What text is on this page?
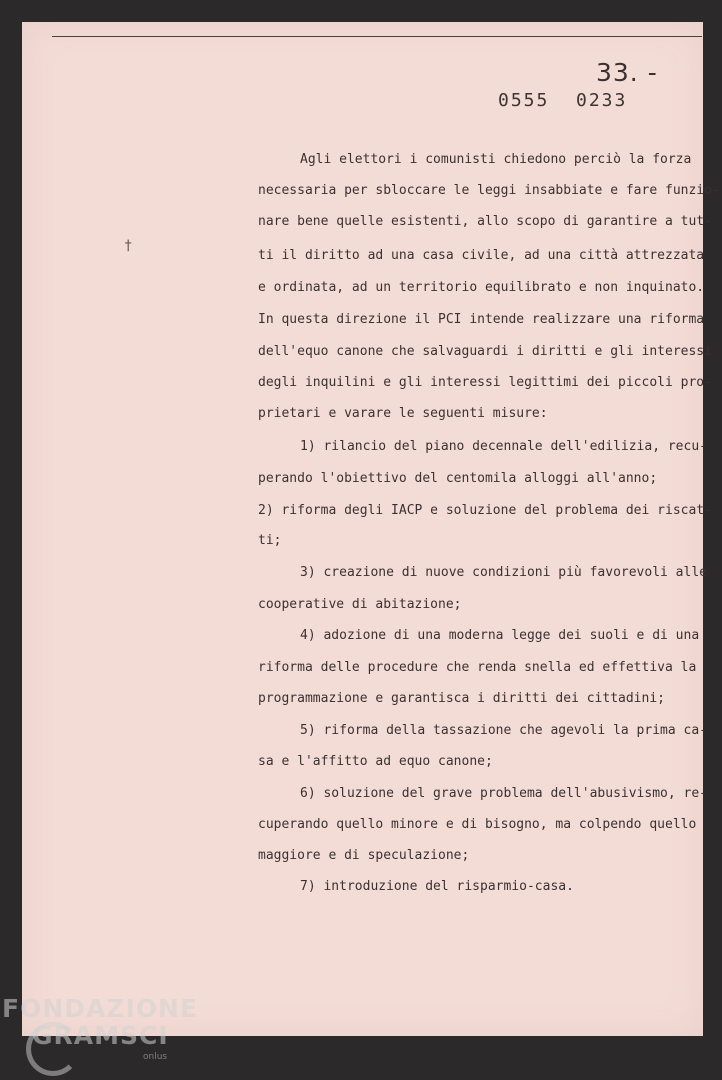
33. -
0555 0233
†
Agli elettori i comunisti chiedono perciò la forza
necessaria per sbloccare le leggi insabbiate e fare funzio-
nare bene quelle esistenti, allo scopo di garantire a tut-
ti il diritto ad una casa civile, ad una città attrezzata
e ordinata, ad un territorio equilibrato e non inquinato.
In questa direzione il PCI intende realizzare una riforma
dell'equo canone che salvaguardi i diritti e gli interessi
degli inquilini e gli interessi legittimi dei piccoli pro-
prietari e varare le seguenti misure:
1) rilancio del piano decennale dell'edilizia, recu-
perando l'obiettivo del centomila alloggi all'anno;
2) riforma degli IACP e soluzione del problema dei riscat-
ti;
3) creazione di nuove condizioni più favorevoli alle
cooperative di abitazione;
4) adozione di una moderna legge dei suoli e di una
riforma delle procedure che renda snella ed effettiva la
programmazione e garantisca i diritti dei cittadini;
5) riforma della tassazione che agevoli la prima ca-
sa e l'affitto ad equo canone;
6) soluzione del grave problema dell'abusivismo, re-
cuperando quello minore e di bisogno, ma colpendo quello
maggiore e di speculazione;
7) introduzione del risparmio-casa.
FONDAZIONE
GRAMSCI
onlus
